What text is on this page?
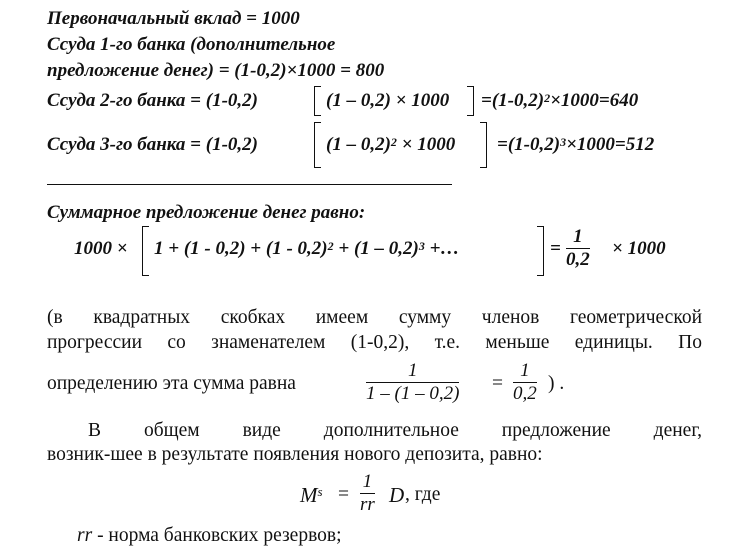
Первоначальный вклад = 1000
Ссуда 1-го банка (дополнительное
предложение денег) = (1-0,2)×1000 = 800
Ссуда 2-го банка = (1-0,2)	$(1 - 0,2) \times 1000 =(1-0,2)^2\times 1000=640$
Ссуда 3-го банка = (1-0,2)	$(1 - 0,2)^2 \times 1000 =(1-0,2)^3\times 1000=512$
Суммарное предложение денег равно:
1000 × 1 + (1 - 0,2) + (1 - 0,2)$^2$ + (1 – 0,2)$^3$ +…	= $\frac{1}{0,2} \times 1000$
(в квадратных скобках имеем сумму членов геометрической
прогрессии со знаменателем (1-0,2), т.е. меньше единицы. По
определению эта сумма равна	$\frac{1}{1 - (1 - 0,2)} = \frac{1}{0,2}$ ) .
В общем виде дополнительное предложение денег,
возник-шее в результате появления нового депозита, равно:
$M^s = \frac{1}{rr}$ D , где
rr - норма банковских резервов;
